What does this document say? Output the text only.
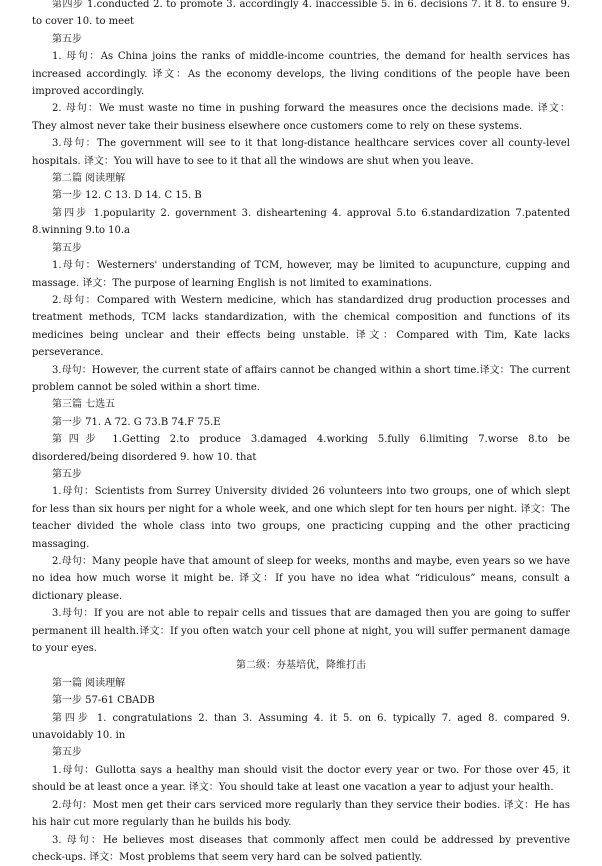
第四步 1.conducted 2. to promote 3. accordingly 4. inaccessible 5. in 6. decisions 7. it 8. to ensure 9. to cover 10. to meet

第五步

1. 母句：As China joins the ranks of middle-income countries, the demand for health services has increased accordingly. 译文：As the economy develops, the living conditions of the people have been improved accordingly.

2. 母句：We must waste no time in pushing forward the measures once the decisions made. 译文：They almost never take their business elsewhere once customers come to rely on these systems.

3.母句：The government will see to it that long-distance healthcare services cover all county-level hospitals. 译文：You will have to see to it that all the windows are shut when you leave.

第二篇 阅读理解

第一步 12. C 13. D 14. C 15. B

第四步 1.popularity 2. government 3. disheartening 4. approval 5.to 6.standardization 7.patented 8.winning 9.to 10.a

第五步

1.母句：Westerners' understanding of TCM, however, may be limited to acupuncture, cupping and massage. 译文：The purpose of learning English is not limited to examinations.

2.母句：Compared with Western medicine, which has standardized drug production processes and treatment methods, TCM lacks standardization, with the chemical composition and functions of its medicines being unclear and their effects being unstable. 译文：Compared with Tim, Kate lacks perseverance.

3.母句：However, the current state of affairs cannot be changed within a short time.译文：The current problem cannot be soled within a short time.

第三篇 七选五

第一步 71. A 72. G 73.B 74.F 75.E

第四步 1.Getting 2.to produce 3.damaged 4.working 5.fully 6.limiting 7.worse 8.to be disordered/being disordered 9. how 10. that

第五步

1.母句：Scientists from Surrey University divided 26 volunteers into two groups, one of which slept for less than six hours per night for a whole week, and one which slept for ten hours per night. 译文：The teacher divided the whole class into two groups, one practicing cupping and the other practicing massaging.

2.母句：Many people have that amount of sleep for weeks, months and maybe, even years so we have no idea how much worse it might be. 译文：If you have no idea what “ridiculous” means, consult a dictionary please.

3.母句：If you are not able to repair cells and tissues that are damaged then you are going to suffer permanent ill health.译文：If you often watch your cell phone at night, you will suffer permanent damage to your eyes.

第二级：夯基培优，降维打击

第一篇 阅读理解

第一步 57-61 CBADB

第四步 1. congratulations 2. than 3. Assuming 4. it 5. on 6. typically 7. aged 8. compared 9. unavoidably 10. in

第五步

1.母句：Gullotta says a healthy man should visit the doctor every year or two. For those over 45, it should be at least once a year. 译文：You should take at least one vacation a year to adjust your health.

2.母句：Most men get their cars serviced more regularly than they service their bodies. 译文：He has his hair cut more regularly than he builds his body.

3. 母句：He believes most diseases that commonly affect men could be addressed by preventive check-ups. 译文：Most problems that seem very hard can be solved patiently.
